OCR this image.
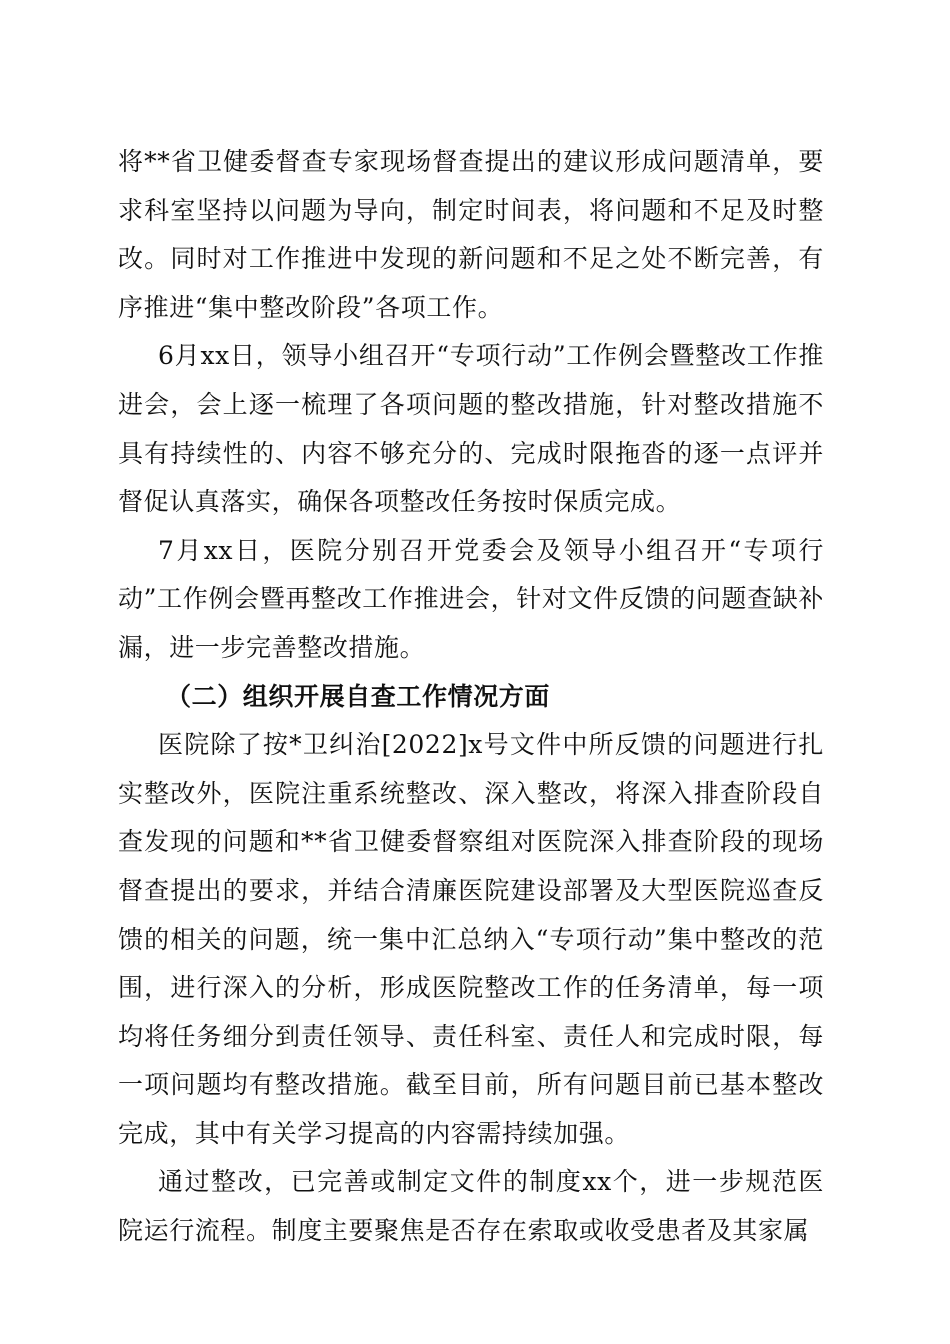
将**省卫健委督查专家现场督查提出的建议形成问题清单，要求科室坚持以问题为导向，制定时间表，将问题和不足及时整改。同时对工作推进中发现的新问题和不足之处不断完善，有序推进“集中整改阶段”各项工作。

6月xx日，领导小组召开“专项行动”工作例会暨整改工作推进会，会上逐一梳理了各项问题的整改措施，针对整改措施不具有持续性的、内容不够充分的、完成时限拖沓的逐一点评并督促认真落实，确保各项整改任务按时保质完成。

7月xx日，医院分别召开党委会及领导小组召开“专项行动”工作例会暨再整改工作推进会，针对文件反馈的问题查缺补漏，进一步完善整改措施。

（二）组织开展自查工作情况方面

医院除了按*卫纠治[2022]x号文件中所反馈的问题进行扎实整改外，医院注重系统整改、深入整改，将深入排查阶段自查发现的问题和**省卫健委督察组对医院深入排查阶段的现场督查提出的要求，并结合清廉医院建设部署及大型医院巡查反馈的相关的问题，统一集中汇总纳入“专项行动”集中整改的范围，进行深入的分析，形成医院整改工作的任务清单，每一项均将任务细分到责任领导、责任科室、责任人和完成时限，每一项问题均有整改措施。截至目前，所有问题目前已基本整改完成，其中有关学习提高的内容需持续加强。

通过整改，已完善或制定文件的制度xx个，进一步规范医院运行流程。制度主要聚焦是否存在索取或收受患者及其家属
